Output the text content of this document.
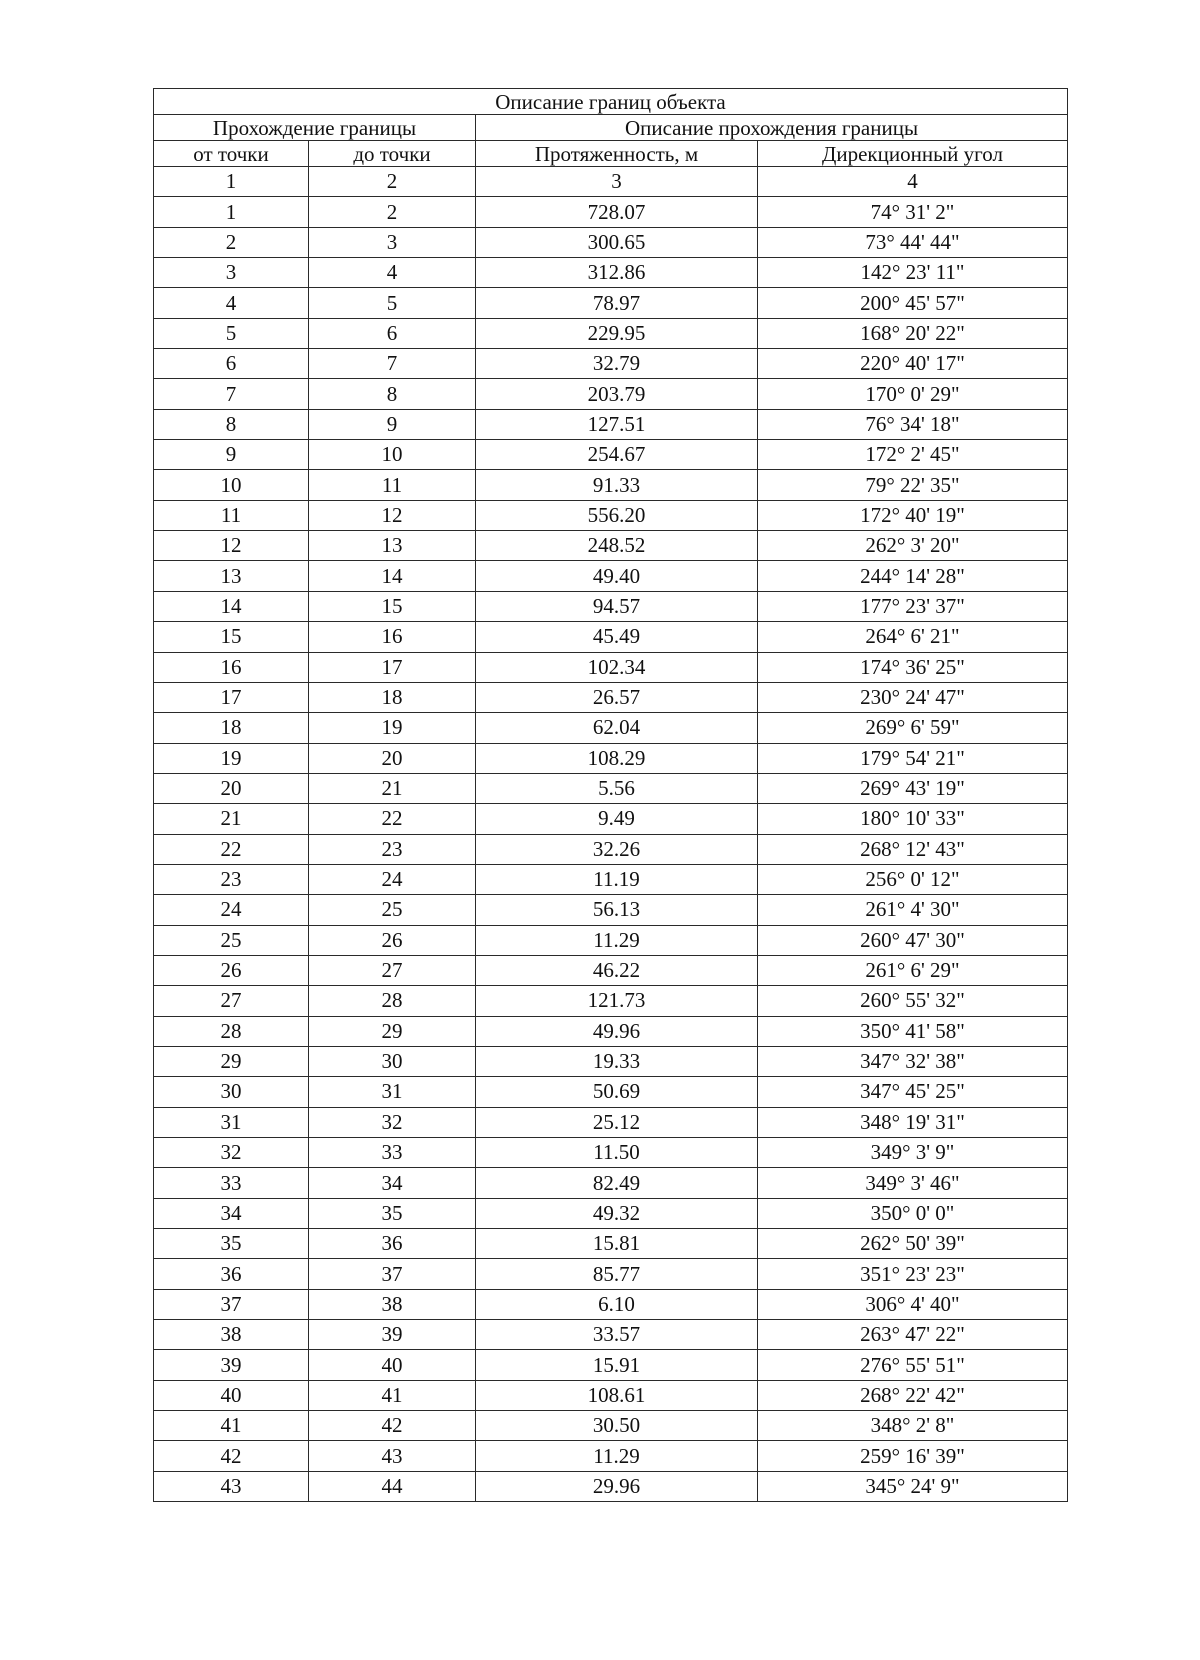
Описание границ объекта			
Прохождение границы		Описание прохождения границы	
от точки	до точки	Протяженность, м	Дирекционный угол
1	2	3	4
1	2	728.07	74° 31' 2"
2	3	300.65	73° 44' 44"
3	4	312.86	142° 23' 11"
4	5	78.97	200° 45' 57"
5	6	229.95	168° 20' 22"
6	7	32.79	220° 40' 17"
7	8	203.79	170° 0' 29"
8	9	127.51	76° 34' 18"
9	10	254.67	172° 2' 45"
10	11	91.33	79° 22' 35"
11	12	556.20	172° 40' 19"
12	13	248.52	262° 3' 20"
13	14	49.40	244° 14' 28"
14	15	94.57	177° 23' 37"
15	16	45.49	264° 6' 21"
16	17	102.34	174° 36' 25"
17	18	26.57	230° 24' 47"
18	19	62.04	269° 6' 59"
19	20	108.29	179° 54' 21"
20	21	5.56	269° 43' 19"
21	22	9.49	180° 10' 33"
22	23	32.26	268° 12' 43"
23	24	11.19	256° 0' 12"
24	25	56.13	261° 4' 30"
25	26	11.29	260° 47' 30"
26	27	46.22	261° 6' 29"
27	28	121.73	260° 55' 32"
28	29	49.96	350° 41' 58"
29	30	19.33	347° 32' 38"
30	31	50.69	347° 45' 25"
31	32	25.12	348° 19' 31"
32	33	11.50	349° 3' 9"
33	34	82.49	349° 3' 46"
34	35	49.32	350° 0' 0"
35	36	15.81	262° 50' 39"
36	37	85.77	351° 23' 23"
37	38	6.10	306° 4' 40"
38	39	33.57	263° 47' 22"
39	40	15.91	276° 55' 51"
40	41	108.61	268° 22' 42"
41	42	30.50	348° 2' 8"
42	43	11.29	259° 16' 39"
43	44	29.96	345° 24' 9"
